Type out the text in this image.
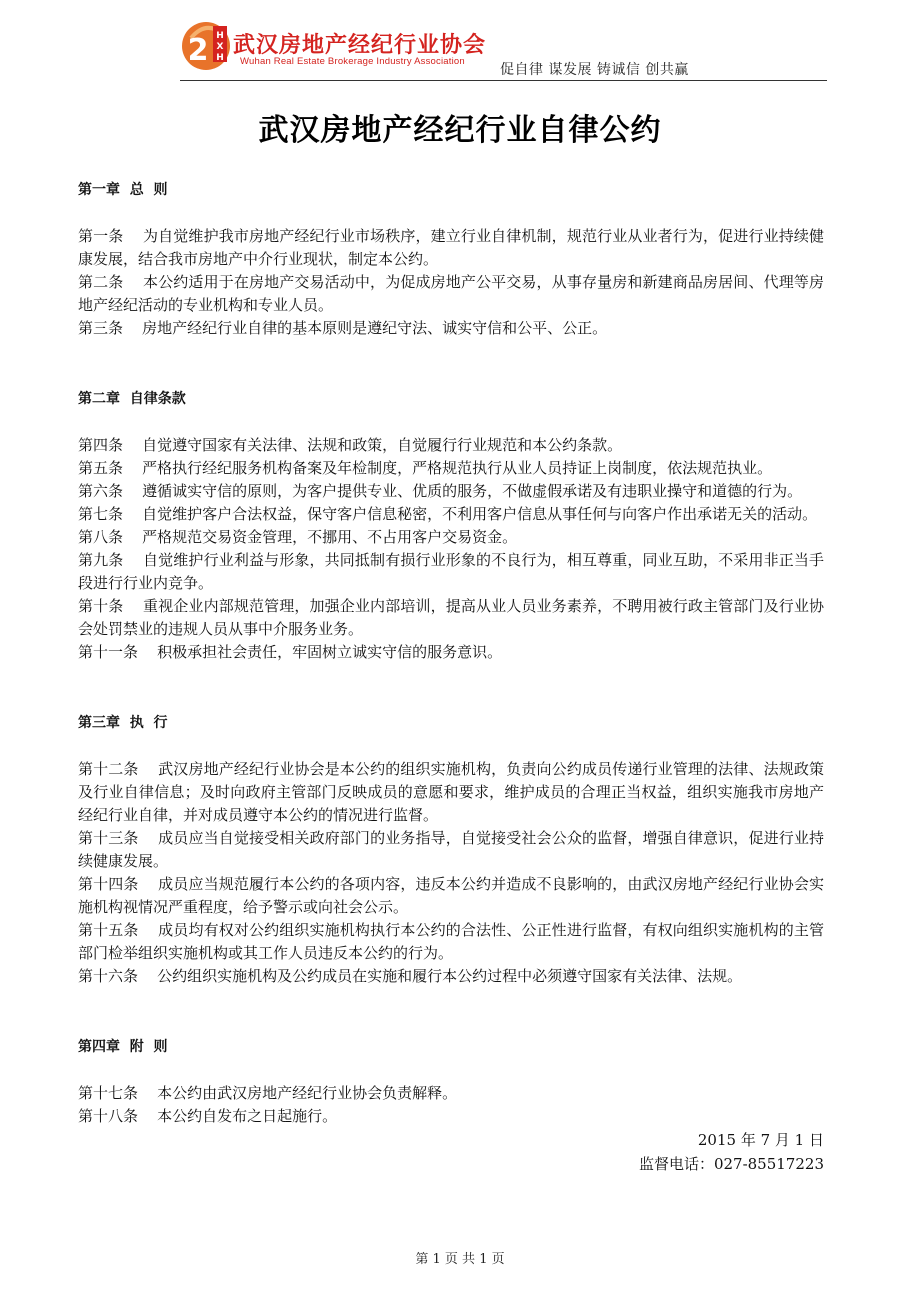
2 H
X
H 武汉房地产经纪行业协会
Wuhan Real Estate Brokerage Industry Association
促自律 谋发展 铸诚信 创共赢
武汉房地产经纪行业自律公约
第一章  总  则

第一条 为自觉维护我市房地产经纪行业市场秩序，建立行业自律机制，规范行业从业者行为，促进行业持续健康发展，结合我市房地产中介行业现状，制定本公约。

第二条 本公约适用于在房地产交易活动中，为促成房地产公平交易，从事存量房和新建商品房居间、代理等房地产经纪活动的专业机构和专业人员。

第三条 房地产经纪行业自律的基本原则是遵纪守法、诚实守信和公平、公正。

第二章  自律条款

第四条 自觉遵守国家有关法律、法规和政策，自觉履行行业规范和本公约条款。

第五条 严格执行经纪服务机构备案及年检制度，严格规范执行从业人员持证上岗制度，依法规范执业。

第六条 遵循诚实守信的原则，为客户提供专业、优质的服务，不做虚假承诺及有违职业操守和道德的行为。

第七条 自觉维护客户合法权益，保守客户信息秘密，不利用客户信息从事任何与向客户作出承诺无关的活动。

第八条 严格规范交易资金管理，不挪用、不占用客户交易资金。

第九条 自觉维护行业利益与形象，共同抵制有损行业形象的不良行为，相互尊重，同业互助，不采用非正当手段进行行业内竞争。

第十条 重视企业内部规范管理，加强企业内部培训，提高从业人员业务素养，不聘用被行政主管部门及行业协会处罚禁业的违规人员从事中介服务业务。

第十一条 积极承担社会责任，牢固树立诚实守信的服务意识。

第三章  执  行

第十二条 武汉房地产经纪行业协会是本公约的组织实施机构，负责向公约成员传递行业管理的法律、法规政策及行业自律信息；及时向政府主管部门反映成员的意愿和要求，维护成员的合理正当权益，组织实施我市房地产经纪行业自律，并对成员遵守本公约的情况进行监督。

第十三条 成员应当自觉接受相关政府部门的业务指导，自觉接受社会公众的监督，增强自律意识，促进行业持续健康发展。

第十四条 成员应当规范履行本公约的各项内容，违反本公约并造成不良影响的，由武汉房地产经纪行业协会实施机构视情况严重程度，给予警示或向社会公示。

第十五条 成员均有权对公约组织实施机构执行本公约的合法性、公正性进行监督，有权向组织实施机构的主管部门检举组织实施机构或其工作人员违反本公约的行为。

第十六条 公约组织实施机构及公约成员在实施和履行本公约过程中必须遵守国家有关法律、法规。

第四章  附  则

第十七条 本公约由武汉房地产经纪行业协会负责解释。

第十八条 本公约自发布之日起施行。

2015 年 7 月 1 日

监督电话：027-85517223

第 1 页 共 1 页
